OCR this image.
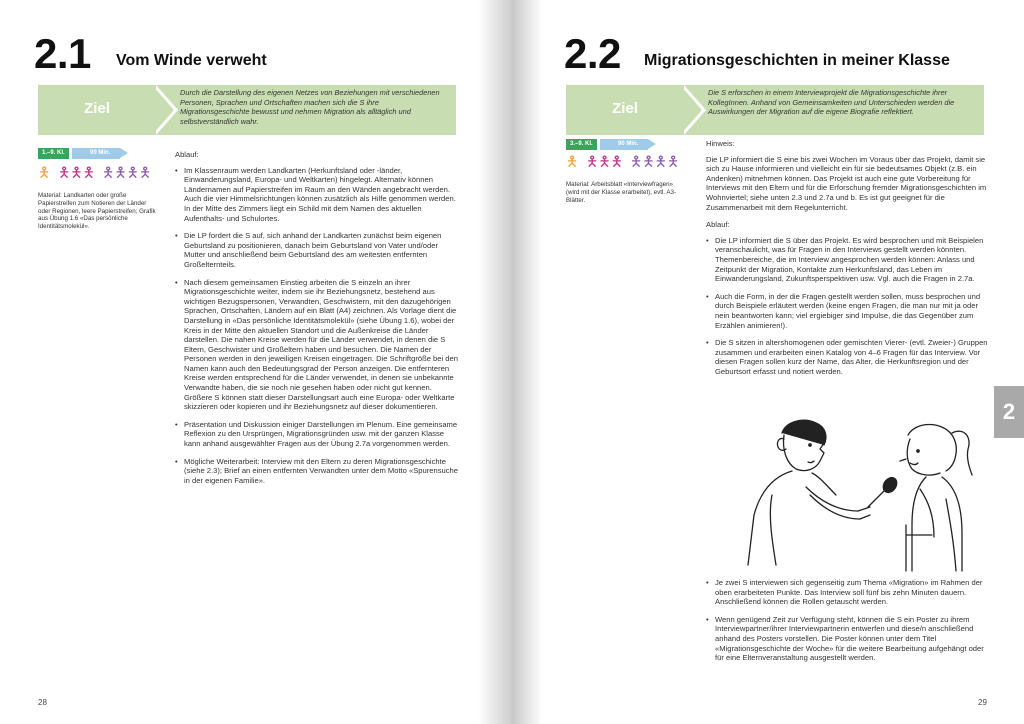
2.1 Vom Winde verweht
Ziel
Durch die Darstellung des eigenen Netzes von Beziehungen mit verschiedenen Personen, Sprachen und Ortschaften machen sich die S ihre Migrationsgeschichte bewusst und nehmen Migration als alltäglich und selbstverständlich wahr.
1.–9. Kl.	90 Min.
🯅 🯅🯅🯅 🯅🯅🯅🯅
Material: Landkarten oder große Papierstreifen zum Notieren der Länder oder Regionen, leere Papierstreifen; Grafik aus Übung 1.6 «Das persönliche Identitätsmolekül».
Ablauf:
• Im Klassenraum werden Landkarten (Herkunftsland oder -länder, Einwanderungsland, Europa- und Weltkarten) hingelegt. Alternativ können Ländernamen auf Papierstreifen im Raum an den Wänden angebracht werden. Auch die vier Himmelsrichtungen können zusätzlich als Hilfe genommen werden. In der Mitte des Zimmers liegt ein Schild mit dem Namen des aktuellen Aufenthalts- und Schulortes.
• Die LP fordert die S auf, sich anhand der Landkarten zunächst beim eigenen Geburtsland zu positionieren, danach beim Geburtsland von Vater und/oder Mutter und anschließend beim Geburtsland des am weitesten entfernten Großelternteils.
• Nach diesem gemeinsamen Einstieg arbeiten die S einzeln an ihrer Migrationsgeschichte weiter, indem sie ihr Beziehungsnetz, bestehend aus wichtigen Bezugspersonen, Verwandten, Geschwistern, mit den dazugehörigen Sprachen, Ortschaften, Ländern auf ein Blatt (A4) zeichnen. Als Vorlage dient die Darstellung in «Das persönliche Identitätsmolekül» (siehe Übung 1.6), wobei der Kreis in der Mitte den aktuellen Standort und die Außenkreise die Länder darstellen. Die nahen Kreise werden für die Länder verwendet, in denen die S Eltern, Geschwister und Großeltern haben und besuchen. Die Namen der Personen werden in den jeweiligen Kreisen eingetragen. Die Schriftgröße bei den Namen kann auch den Bedeutungsgrad der Person anzeigen. Die entfernteren Kreise werden entsprechend für die Länder verwendet, in denen sie unbekannte Verwandte haben, die sie noch nie gesehen haben oder nicht gut kennen. Größere S können statt dieser Darstellungsart auch eine Europa- oder Weltkarte skizzieren oder kopieren und ihr Beziehungsnetz auf dieser dokumentieren.
• Präsentation und Diskussion einiger Darstellungen im Plenum. Eine gemeinsame Reflexion zu den Ursprüngen, Migrationsgründen usw. mit der ganzen Klasse kann anhand ausgewählter Fragen aus der Übung 2.7a vorgenommen werden.
• Mögliche Weiterarbeit: Interview mit den Eltern zu deren Migrationsgeschichte (siehe 2.3); Brief an einen entfernten Verwandten unter dem Motto «Spurensuche in der eigenen Familie».
28
2.2 Migrationsgeschichten in meiner Klasse
Ziel
Die S erforschen in einem Interviewprojekt die Migrationsgeschichte ihrer KollegInnen. Anhand von Gemeinsamkeiten und Unterschieden werden die Auswirkungen der Migration auf die eigene Biografie reflektiert.
3.–9. Kl.	90 Min.
🯅 🯅🯅🯅 🯅🯅🯅🯅
Material: Arbeitsblatt «Interviewfragen» (wird mit der Klasse erarbeitet), evtl. A3-Blätter.
Hinweis:

Die LP informiert die S eine bis zwei Wochen im Voraus über das Projekt, damit sie sich zu Hause informieren und vielleicht ein für sie bedeutsames Objekt (z.B. ein Andenken) mitnehmen können. Das Projekt ist auch eine gute Vorbereitung für Interviews mit den Eltern und für die Erforschung fremder Migrationsgeschichten im Wohnviertel; siehe unten 2.3 und 2.7a und b. Es ist gut geeignet für die Zusammenarbeit mit dem Regelunterricht.

Ablauf:
• Die LP informiert die S über das Projekt. Es wird besprochen und mit Beispielen veranschaulicht, was für Fragen in den Interviews gestellt werden könnten. Themenbereiche, die im Interview angesprochen werden können: Anlass und Zeitpunkt der Migration, Kontakte zum Herkunftsland, das Leben im Einwanderungsland, Zukunftsperspektiven usw. Vgl. auch die Fragen in 2.7a.
• Auch die Form, in der die Fragen gestellt werden sollen, muss besprochen und durch Beispiele erläutert werden (keine engen Fragen, die man nur mit ja oder nein beantworten kann; viel ergiebiger sind Impulse, die das Gegenüber zum Erzählen animieren!).
• Die S sitzen in altershomogenen oder gemischten Vierer- (evtl. Zweier-) Gruppen zusammen und erarbeiten einen Katalog von 4–6 Fragen für das Interview. Vor diesen Fragen sollen kurz der Name, das Alter, die Herkunftsregion und der Geburtsort erfasst und notiert werden.
• Je zwei S interviewen sich gegenseitig zum Thema «Migration» im Rahmen der oben erarbeiteten Punkte. Das Interview soll fünf bis zehn Minuten dauern. Anschließend können die Rollen getauscht werden.
• Wenn genügend Zeit zur Verfügung steht, können die S ein Poster zu ihrem Interviewpartner/ihrer Interviewpartnerin entwerfen und diese/n anschließend anhand des Posters vorstellen. Die Poster können unter dem Titel «Migrationsgeschichte der Woche» für die weitere Bearbeitung aufgehängt oder für eine Elternveranstaltung ausgestellt werden.
29
2
